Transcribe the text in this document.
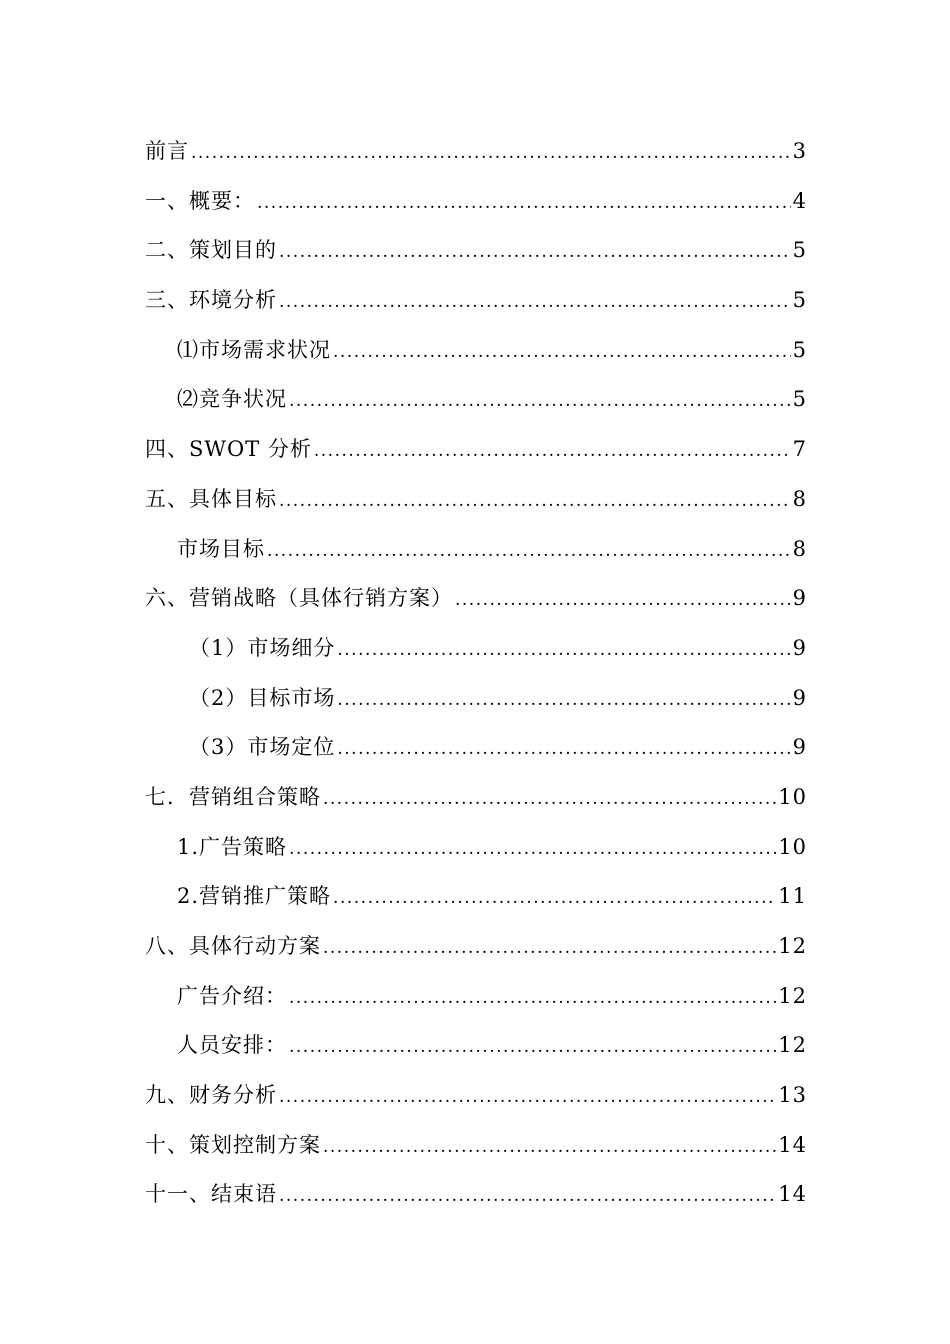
前言 .....	3
一、概要： .....	4
二、策划目的 .....	5
三、环境分析 .....	5
⑴市场需求状况 .....	5
⑵竞争状况 .....	5
四、SWOT 分析 .....	7
五、具体目标 .....	8
市场目标 .....	8
六、营销战略（具体行销方案） .....	9
（1）市场细分 .....	9
（2）目标市场 .....	9
（3）市场定位 .....	9
七．营销组合策略 .....	10
1.广告策略 .....	10
2.营销推广策略 .....	11
八、具体行动方案 .....	12
广告介绍： .....	12
人员安排： .....	12
九、财务分析 .....	13
十、策划控制方案 .....	14
十一、结束语 .....	14
